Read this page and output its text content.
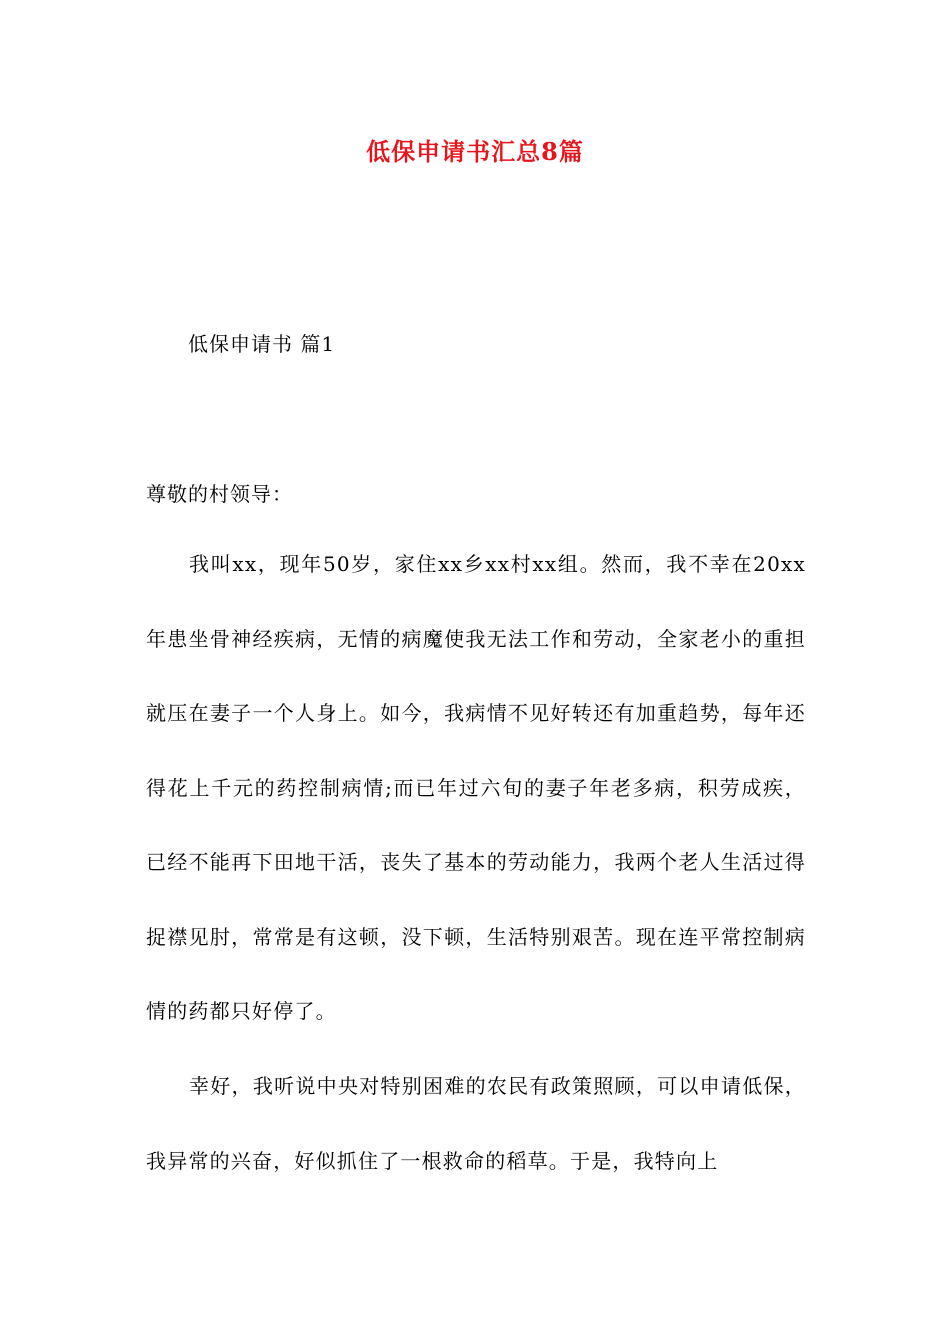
低保申请书汇总8篇
低保申请书 篇1
尊敬的村领导：

我叫xx，现年50岁，家住xx乡xx村xx组。然而，我不幸在20xx年患坐骨神经疾病，无情的病魔使我无法工作和劳动，全家老小的重担就压在妻子一个人身上。如今，我病情不见好转还有加重趋势，每年还得花上千元的药控制病情;而已年过六旬的妻子年老多病，积劳成疾，已经不能再下田地干活，丧失了基本的劳动能力，我两个老人生活过得捉襟见肘，常常是有这顿，没下顿，生活特别艰苦。现在连平常控制病情的药都只好停了。

幸好，我听说中央对特别困难的农民有政策照顾，可以申请低保，我异常的兴奋，好似抓住了一根救命的稻草。于是，我特向上
